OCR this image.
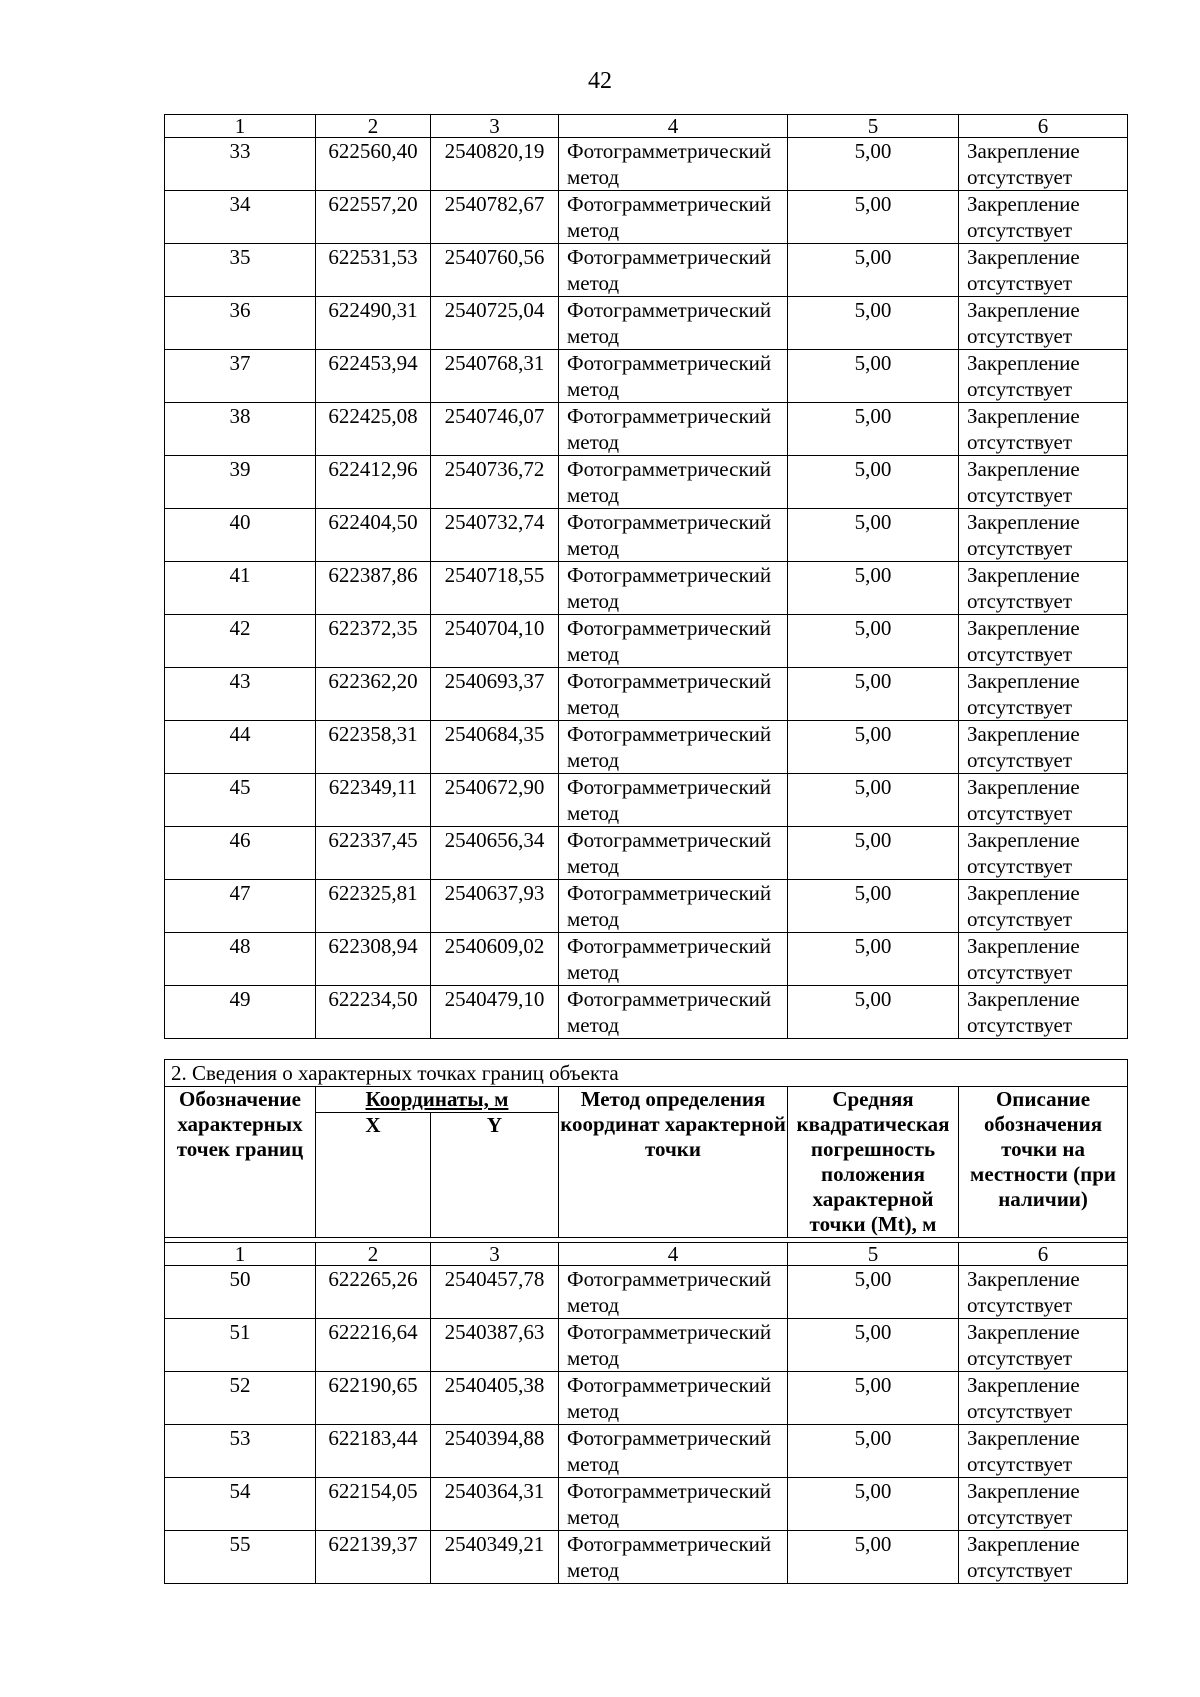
42
1	2	3	4	5	6
33	622560,40	2540820,19	Фотограмметрический метод	5,00	Закрепление отсутствует
34	622557,20	2540782,67	Фотограмметрический метод	5,00	Закрепление отсутствует
35	622531,53	2540760,56	Фотограмметрический метод	5,00	Закрепление отсутствует
36	622490,31	2540725,04	Фотограмметрический метод	5,00	Закрепление отсутствует
37	622453,94	2540768,31	Фотограмметрический метод	5,00	Закрепление отсутствует
38	622425,08	2540746,07	Фотограмметрический метод	5,00	Закрепление отсутствует
39	622412,96	2540736,72	Фотограмметрический метод	5,00	Закрепление отсутствует
40	622404,50	2540732,74	Фотограмметрический метод	5,00	Закрепление отсутствует
41	622387,86	2540718,55	Фотограмметрический метод	5,00	Закрепление отсутствует
42	622372,35	2540704,10	Фотограмметрический метод	5,00	Закрепление отсутствует
43	622362,20	2540693,37	Фотограмметрический метод	5,00	Закрепление отсутствует
44	622358,31	2540684,35	Фотограмметрический метод	5,00	Закрепление отсутствует
45	622349,11	2540672,90	Фотограмметрический метод	5,00	Закрепление отсутствует
46	622337,45	2540656,34	Фотограмметрический метод	5,00	Закрепление отсутствует
47	622325,81	2540637,93	Фотограмметрический метод	5,00	Закрепление отсутствует
48	622308,94	2540609,02	Фотограмметрический метод	5,00	Закрепление отсутствует
49	622234,50	2540479,10	Фотограмметрический метод	5,00	Закрепление отсутствует
2. Сведения о характерных точках границ объекта					
Обозначение характерных точек границ	Координаты, м		Метод определения координат характерной точки	Средняя квадратическая погрешность положения характерной точки (Mt), м	Описание обозначения точки на местности (при наличии)
	X	Y			

1	2	3	4	5	6
50	622265,26	2540457,78	Фотограмметрический метод	5,00	Закрепление отсутствует
51	622216,64	2540387,63	Фотограмметрический метод	5,00	Закрепление отсутствует
52	622190,65	2540405,38	Фотограмметрический метод	5,00	Закрепление отсутствует
53	622183,44	2540394,88	Фотограмметрический метод	5,00	Закрепление отсутствует
54	622154,05	2540364,31	Фотограмметрический метод	5,00	Закрепление отсутствует
55	622139,37	2540349,21	Фотограмметрический метод	5,00	Закрепление отсутствует
